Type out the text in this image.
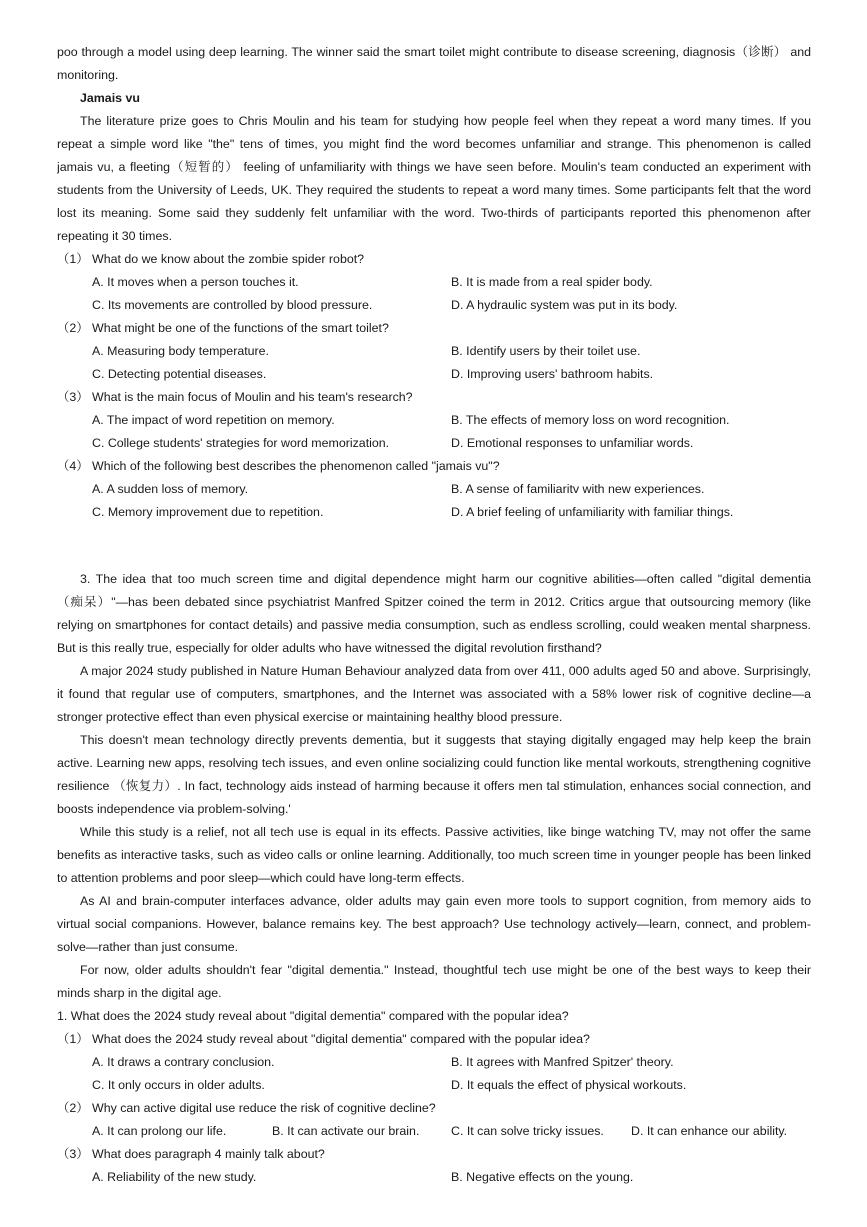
poo through a model using deep learning. The winner said the smart toilet might contribute to disease screening, diagnosis（诊断） and
monitoring.
Jamais vu
The literature prize goes to Chris Moulin and his team for studying how people feel when they repeat a word many times. If you
repeat a simple word like "the" tens of times, you might find the word becomes unfamiliar and strange. This phenomenon is called
jamais vu, a fleeting（短暂的） feeling of unfamiliarity with things we have seen before. Moulin's team conducted an experiment with
students from the University of Leeds, UK. They required the students to repeat a word many times. Some participants felt that the word
lost its meaning. Some said they suddenly felt unfamiliar with the word. Two-thirds of participants reported this phenomenon after
repeating it 30 times.
（1） What do we know about the zombie spider robot?
A. It moves when a person touches it.	B. It is made from a real spider body.
C. Its movements are controlled by blood pressure.	D. A hydraulic system was put in its body.
（2） What might be one of the functions of the smart toilet?
A. Measuring body temperature.	B. Identify users by their toilet use.
C. Detecting potential diseases.	D. Improving users' bathroom habits.
（3） What is the main focus of Moulin and his team's research?
A. The impact of word repetition on memory.	B. The effects of memory loss on word recognition.
C. College students' strategies for word memorization.	D. Emotional responses to unfamiliar words.
（4） Which of the following best describes the phenomenon called "jamais vu"?
A. A sudden loss of memory.	B. A sense of familiaritv with new experiences.
C. Memory improvement due to repetition.	D. A brief feeling of unfamiliarity with familiar things.
3. The idea that too much screen time and digital dependence might harm our cognitive abilities—often called "digital dementia
（痴呆）"—has been debated since psychiatrist Manfred Spitzer coined the term in 2012. Critics argue that outsourcing memory (like
relying on smartphones for contact details) and passive media consumption, such as endless scrolling, could weaken mental sharpness.
But is this really true, especially for older adults who have witnessed the digital revolution firsthand?
A major 2024 study published in Nature Human Behaviour analyzed data from over 411, 000 adults aged 50 and above. Surprisingly,
it found that regular use of computers, smartphones, and the Internet was associated with a 58% lower risk of cognitive decline—a
stronger protective effect than even physical exercise or maintaining healthy blood pressure.
This doesn't mean technology directly prevents dementia, but it suggests that staying digitally engaged may help keep the brain
active. Learning new apps, resolving tech issues, and even online socializing could function like mental workouts, strengthening cognitive
resilience （恢复力）. In fact, technology aids instead of harming because it offers men tal stimulation, enhances social connection, and
boosts independence via problem-solving.'
While this study is a relief, not all tech use is equal in its effects. Passive activities, like binge watching TV, may not offer the same
benefits as interactive tasks, such as video calls or online learning. Additionally, too much screen time in younger people has been linked
to attention problems and poor sleep—which could have long-term effects.
As AI and brain-computer interfaces advance, older adults may gain even more tools to support cognition, from memory aids to
virtual social companions. However, balance remains key. The best approach? Use technology actively—learn, connect, and problem-
solve—rather than just consume.
For now, older adults shouldn't fear "digital dementia." Instead, thoughtful tech use might be one of the best ways to keep their
minds sharp in the digital age.
1. What does the 2024 study reveal about "digital dementia" compared with the popular idea?
（1） What does the 2024 study reveal about "digital dementia" compared with the popular idea?
A. It draws a contrary conclusion.	B. It agrees with Manfred Spitzer' theory.
C. It only occurs in older adults.	D. It equals the effect of physical workouts.
（2） Why can active digital use reduce the risk of cognitive decline?
A. It can prolong our life.	B. It can activate our brain.	C. It can solve tricky issues.	D. It can enhance our ability.
（3） What does paragraph 4 mainly talk about?
A. Reliability of the new study.	B. Negative effects on the young.
